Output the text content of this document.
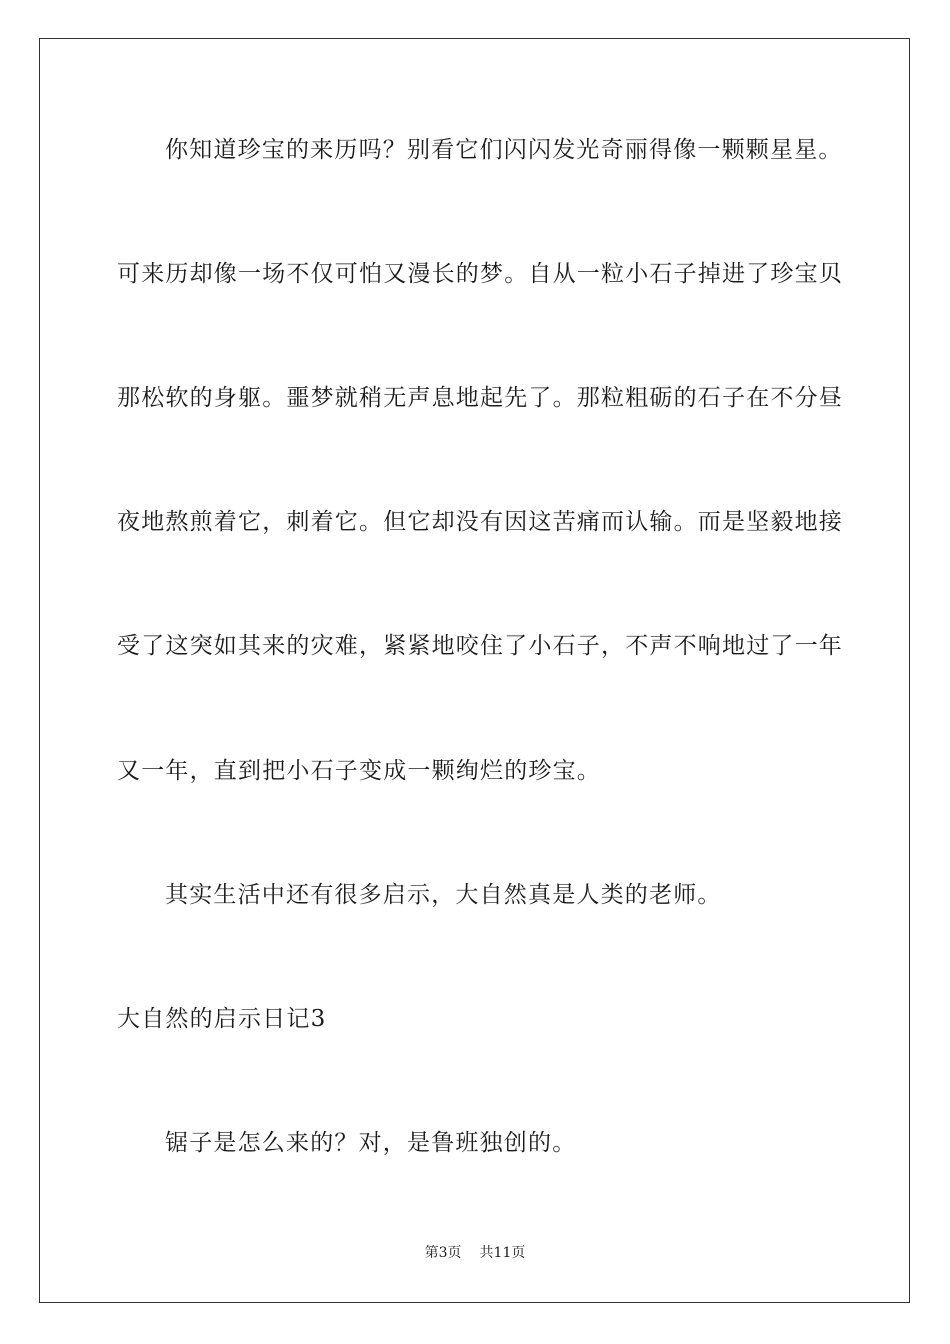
你知道珍宝的来历吗？别看它们闪闪发光奇丽得像一颗颗星星。
可来历却像一场不仅可怕又漫长的梦。自从一粒小石子掉进了珍宝贝
那松软的身躯。噩梦就稍无声息地起先了。那粒粗砺的石子在不分昼
夜地熬煎着它，刺着它。但它却没有因这苦痛而认输。而是坚毅地接
受了这突如其来的灾难，紧紧地咬住了小石子，不声不响地过了一年
又一年，直到把小石子变成一颗绚烂的珍宝。
其实生活中还有很多启示，大自然真是人类的老师。
大自然的启示日记3
锯子是怎么来的？对，是鲁班独创的。
第3页 共11页
